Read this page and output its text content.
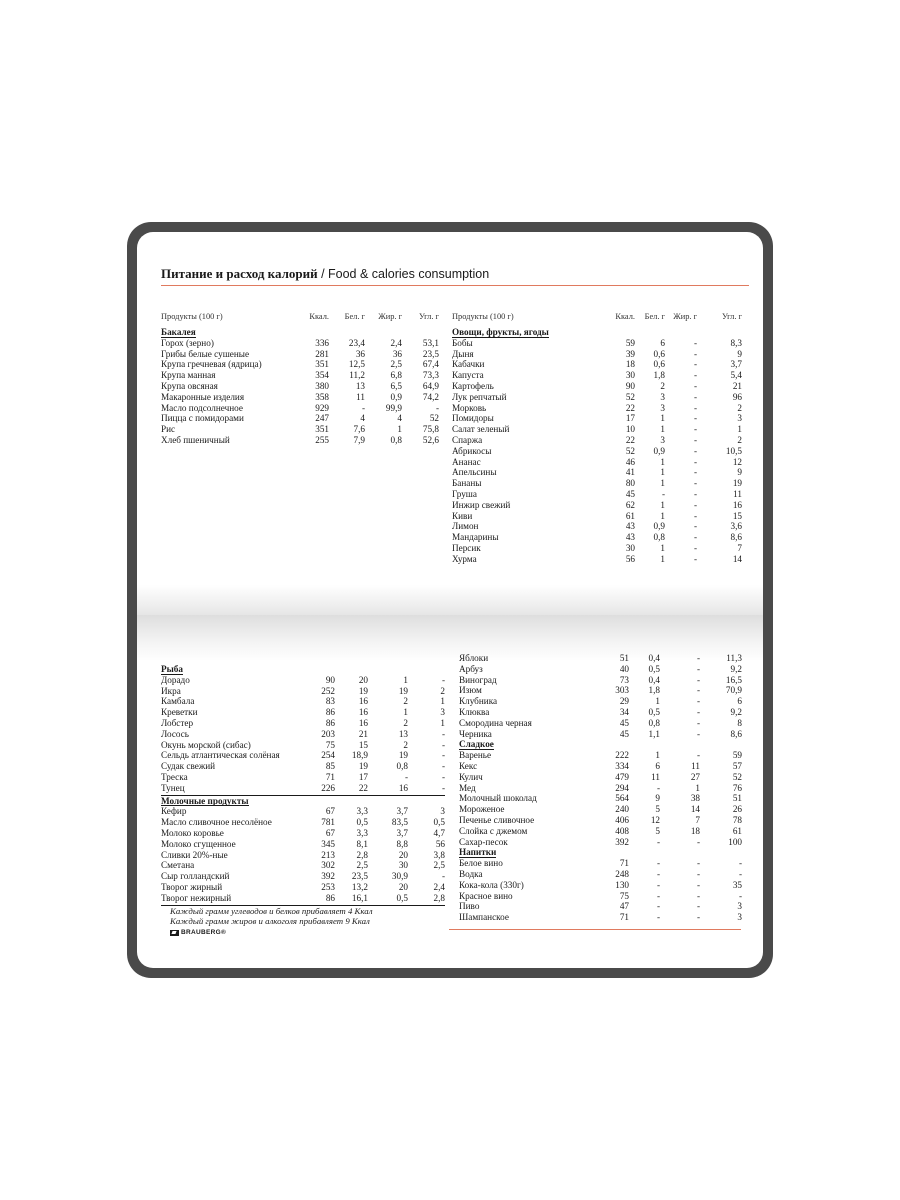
Питание и расход калорий / Food & calories consumption
Продукты (100 г)	Ккал.	Бел. г	Жир. г	Угл. г
Бакалея
Горох (зерно)	336	23,4	2,4	53,1
Грибы белые сушеные	281	36	36	23,5
Крупа гречневая (ядрица)	351	12,5	2,5	67,4
Крупа манная	354	11,2	6,8	73,3
Крупа овсяная	380	13	6,5	64,9
Макаронные изделия	358	11	0,9	74,2
Масло подсолнечное	929	-	99,9	-
Пицца с помидорами	247	4	4	52
Рис	351	7,6	1	75,8
Хлеб пшеничный	255	7,9	0,8	52,6
Продукты (100 г)	Ккал.	Бел. г Жир. г	Угл. г
Овощи, фрукты, ягоды
Бобы	59	6	-	8,3
Дыня	39	0,6	-	9
Кабачки	18	0,6	-	3,7
Капуста	30	1,8	-	5,4
Картофель	90	2	-	21
Лук репчатый	52	3	-	96
Морковь	22	3	-	2
Помидоры	17	1	-	3
Салат зеленый	10	1	-	1
Спаржа	22	3	-	2
Абрикосы	52	0,9	-	10,5
Ананас	46	1	-	12
Апельсины	41	1	-	9
Бананы	80	1	-	19
Груша	45	-	-	11
Инжир свежий	62	1	-	16
Киви	61	1	-	15
Лимон	43	0,9	-	3,6
Мандарины	43	0,8	-	8,6
Персик	30	1	-	7
Хурма	56	1	-	14
Рыба
Дорадо	90	20	1	-
Икра	252	19	19	2
Камбала	83	16	2	1
Креветки	86	16	1	3
Лобстер	86	16	2	1
Лосось	203	21	13	-
Окунь морской (сибас)	75	15	2	-
Сельдь атлантическая солёная	254	18,9	19	-
Судак свежий	85	19	0,8	-
Треска	71	17	-	-
Тунец	226	22	16	-
Молочные продукты
Кефир	67	3,3	3,7	3
Масло сливочное несолёное	781	0,5	83,5	0,5
Молоко коровье	67	3,3	3,7	4,7
Молоко сгущенное	345	8,1	8,8	56
Сливки 20%-ные	213	2,8	20	3,8
Сметана	302	2,5	30	2,5
Сыр голландский	392	23,5	30,9	-
Творог жирный	253	13,2	20	2,4
Творог нежирный	86	16,1	0,5	2,8
Яблоки	51	0,4	-	11,3
Арбуз	40	0,5	-	9,2
Виноград	73	0,4	-	16,5
Изюм	303	1,8	-	70,9
Клубника	29	1	-	6
Клюква	34	0,5	-	9,2
Смородина черная	45	0,8	-	8
Черника	45	1,1	-	8,6
Сладкое
Варенье	222	1	-	59
Кекс	334	6	11	57
Кулич	479	11	27	52
Мед	294	-	1	76
Молочный шоколад	564	9	38	51
Мороженое	240	5	14	26
Печенье сливочное	406	12	7	78
Слойка с джемом	408	5	18	61
Сахар-песок	392	-	-	100
Напитки
Белое вино	71	-	-	-
Водка	248	-	-	-
Кока-кола (330г)	130	-	-	35
Красное вино	75	-	-	-
Пиво	47	-	-	3
Шампанское	71	-	-	3
Каждый грамм углеводов и белков прибавляет 4 Ккал
Каждый грамм жиров и алкоголя прибавляет 9 Ккал
BRAUBERG®
